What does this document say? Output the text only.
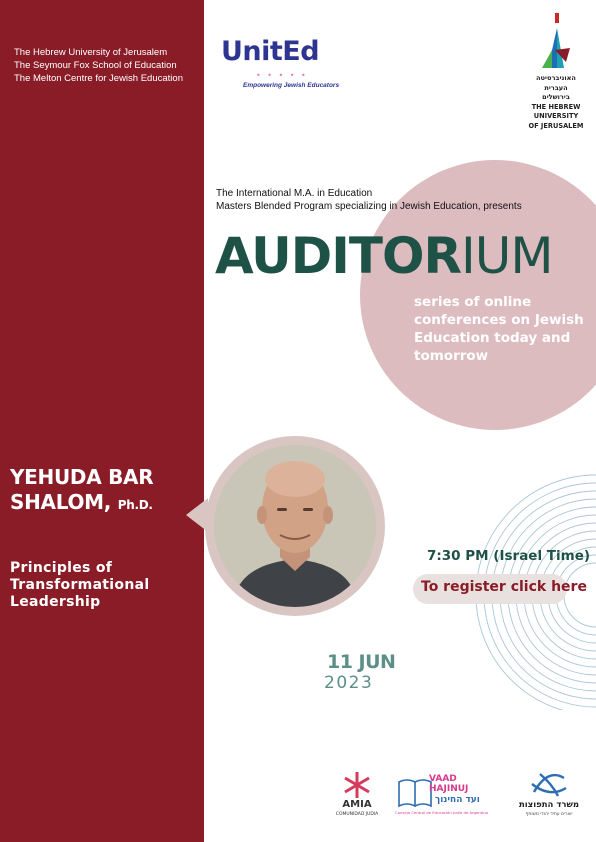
The Hebrew University of Jerusalem
The Seymour Fox School of Education
The Melton Centre for Jewish Education
YEHUDA BAR
SHALOM, Ph.D.
Principles of
Transformational
Leadership
UnitEd
• • • • •
Empowering Jewish Educators
האוניברסיטה
העברית
בירושלים
THE HEBREW
UNIVERSITY
OF JERUSALEM
The International M.A. in Education
Masters Blended Program specializing in Jewish Education, presents
AUDITORIUM
series of online conferences on Jewish Education today and tomorrow
7:30 PM (Israel Time)
To register click here
11 JUN
2023
AMIA
COMUNIDAD JUDIA
VAAD
HAJINUJ
ועד החינוך
Consejo Central de Educación Judía de Argentina
משרד התפוצות
יוצרים עתיד יהודי משותף
